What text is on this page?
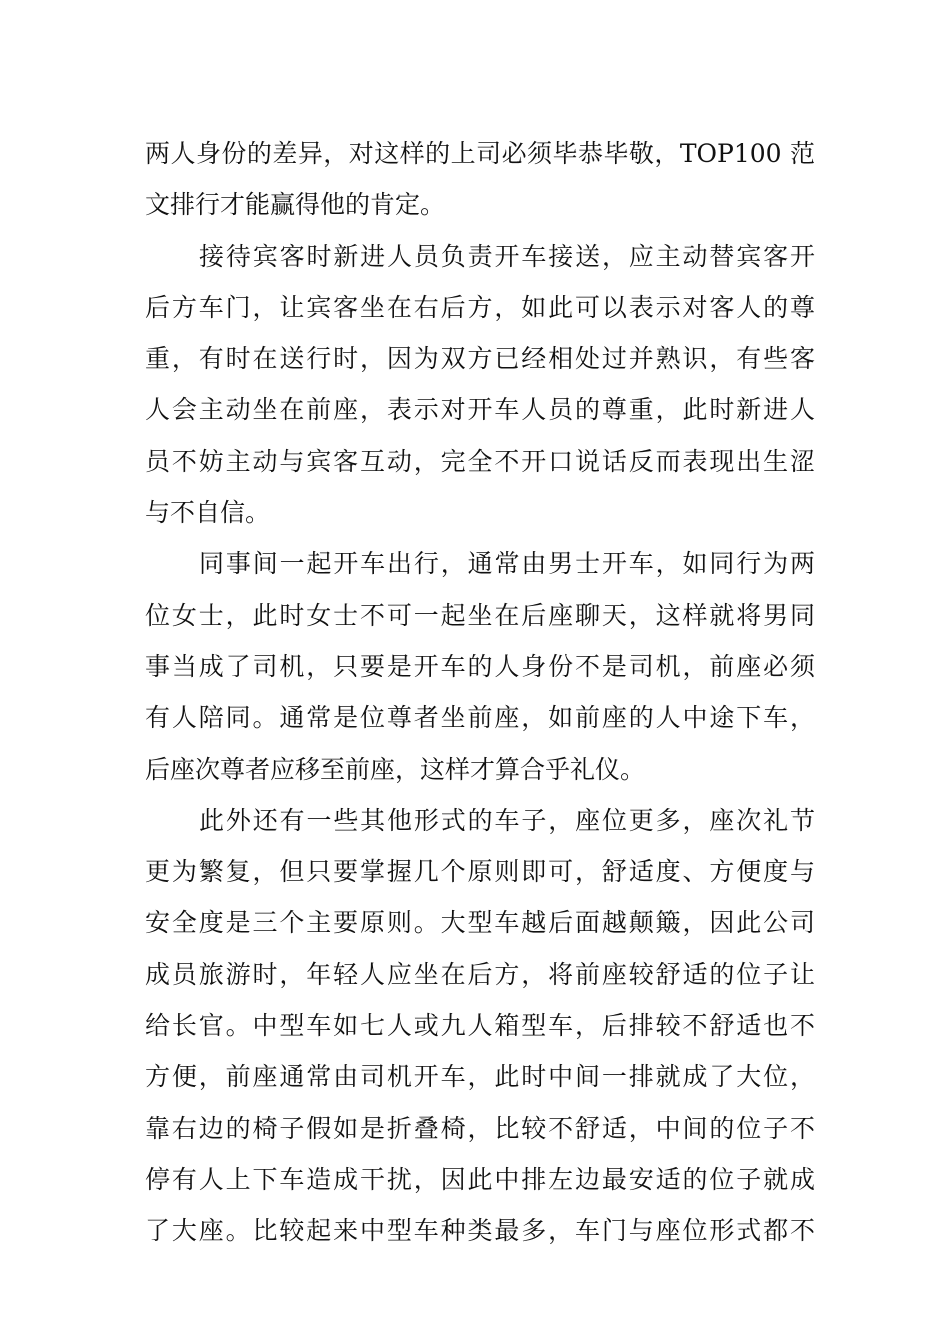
两人身份的差异，对这样的上司必须毕恭毕敬，TOP100 范
文排行才能赢得他的肯定。
接待宾客时新进人员负责开车接送，应主动替宾客开
后方车门，让宾客坐在右后方，如此可以表示对客人的尊
重，有时在送行时，因为双方已经相处过并熟识，有些客
人会主动坐在前座，表示对开车人员的尊重，此时新进人
员不妨主动与宾客互动，完全不开口说话反而表现出生涩
与不自信。
同事间一起开车出行，通常由男士开车，如同行为两
位女士，此时女士不可一起坐在后座聊天，这样就将男同
事当成了司机，只要是开车的人身份不是司机，前座必须
有人陪同。通常是位尊者坐前座，如前座的人中途下车，
后座次尊者应移至前座，这样才算合乎礼仪。
此外还有一些其他形式的车子，座位更多，座次礼节
更为繁复，但只要掌握几个原则即可，舒适度、方便度与
安全度是三个主要原则。大型车越后面越颠簸，因此公司
成员旅游时，年轻人应坐在后方，将前座较舒适的位子让
给长官。中型车如七人或九人箱型车，后排较不舒适也不
方便，前座通常由司机开车，此时中间一排就成了大位，
靠右边的椅子假如是折叠椅，比较不舒适，中间的位子不
停有人上下车造成干扰，因此中排左边最安适的位子就成
了大座。比较起来中型车种类最多，车门与座位形式都不
